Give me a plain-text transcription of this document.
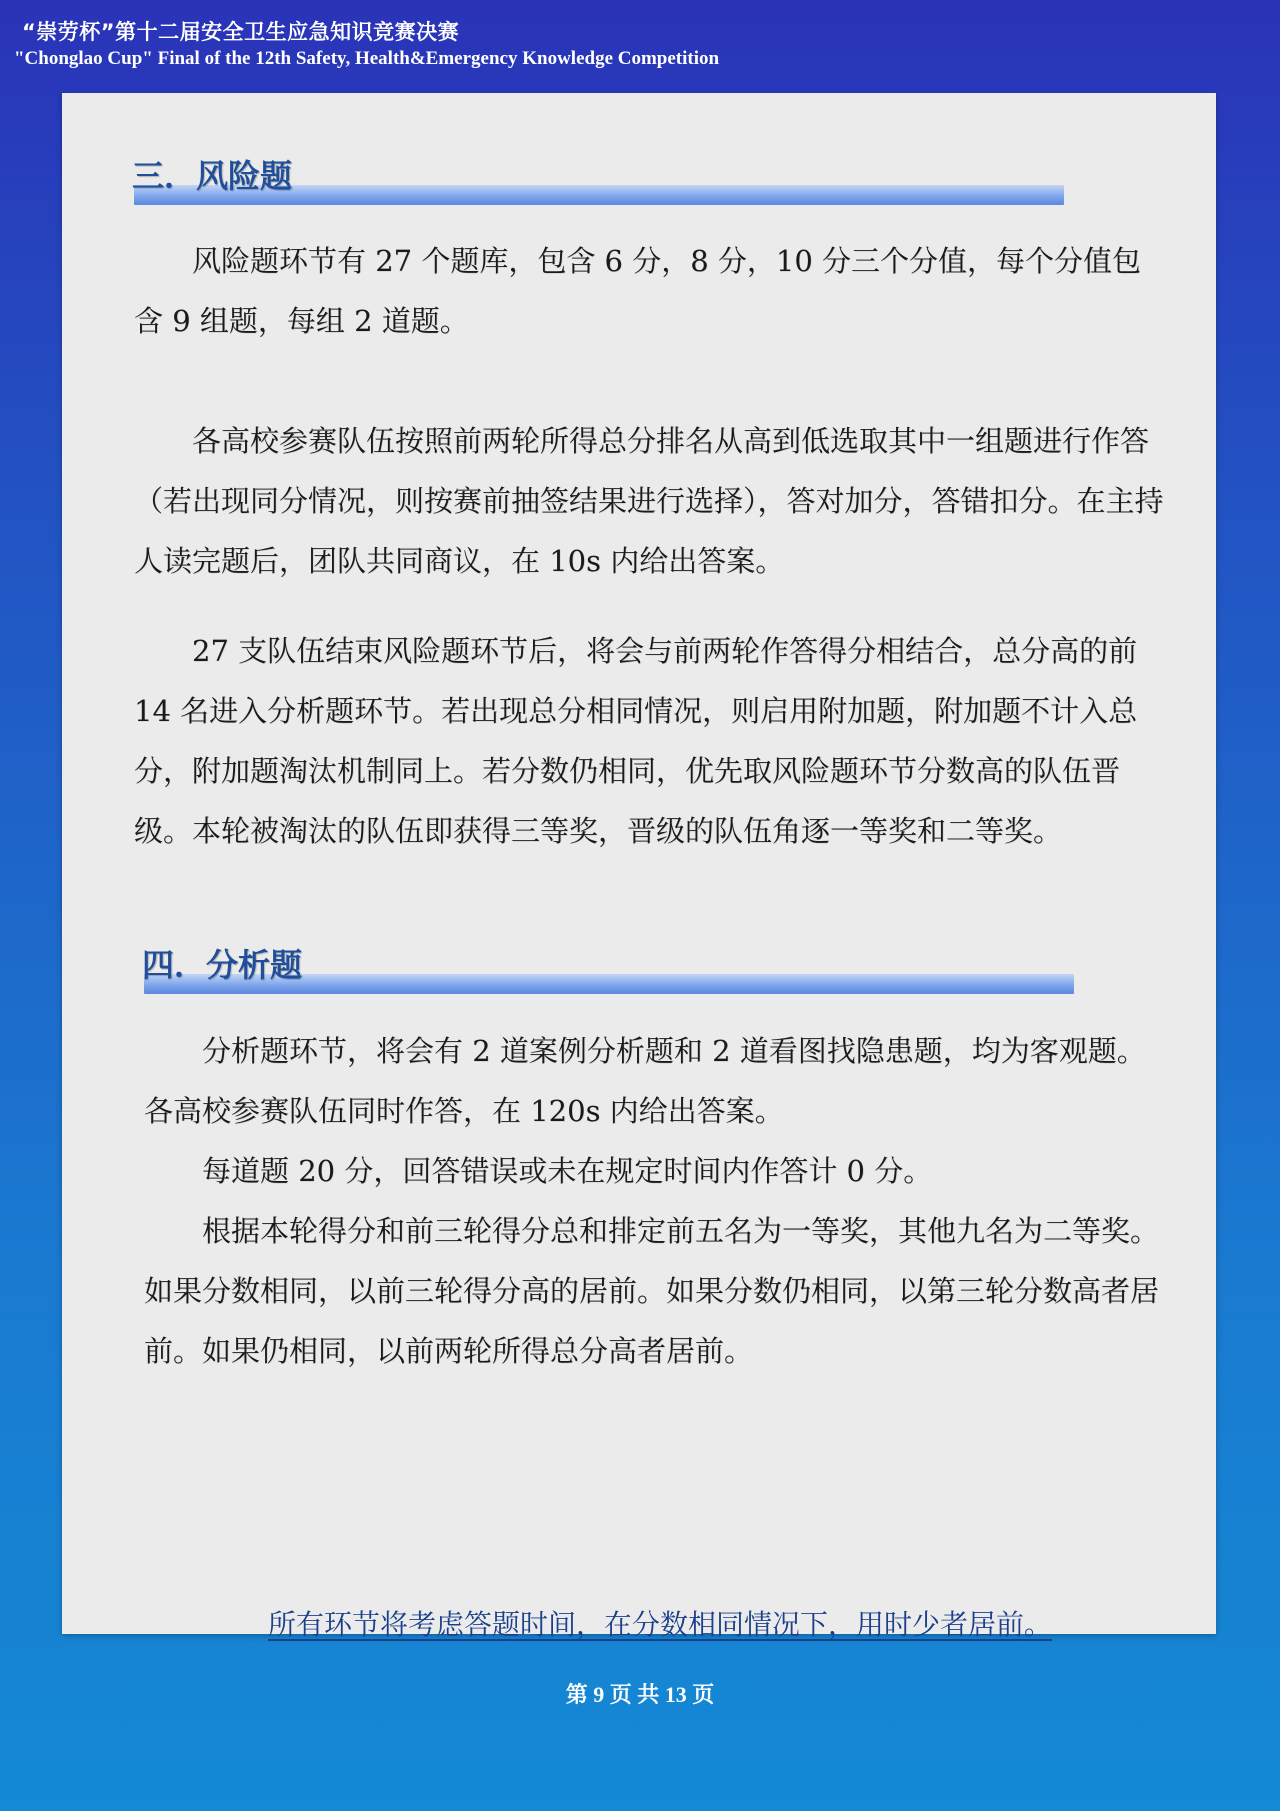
“崇劳杯”第十二届安全卫生应急知识竞赛决赛
"Chonglao Cup" Final of the 12th Safety, Health&Emergency Knowledge Competition
三．风险题

风险题环节有 27 个题库，包含 6 分，8 分，10 分三个分值，每个分值包含 9 组题，每组 2 道题。

各高校参赛队伍按照前两轮所得总分排名从高到低选取其中一组题进行作答（若出现同分情况，则按赛前抽签结果进行选择），答对加分，答错扣分。在主持人读完题后，团队共同商议，在 10s 内给出答案。

27 支队伍结束风险题环节后，将会与前两轮作答得分相结合，总分高的前 14 名进入分析题环节。若出现总分相同情况，则启用附加题，附加题不计入总分，附加题淘汰机制同上。若分数仍相同，优先取风险题环节分数高的队伍晋级。本轮被淘汰的队伍即获得三等奖，晋级的队伍角逐一等奖和二等奖。

四．分析题

分析题环节，将会有 2 道案例分析题和 2 道看图找隐患题，均为客观题。各高校参赛队伍同时作答，在 120s 内给出答案。

每道题 20 分，回答错误或未在规定时间内作答计 0 分。

根据本轮得分和前三轮得分总和排定前五名为一等奖，其他九名为二等奖。如果分数相同，以前三轮得分高的居前。如果分数仍相同，以第三轮分数高者居前。如果仍相同，以前两轮所得总分高者居前。

所有环节将考虑答题时间，在分数相同情况下，用时少者居前。
第 9 页 共 13 页
